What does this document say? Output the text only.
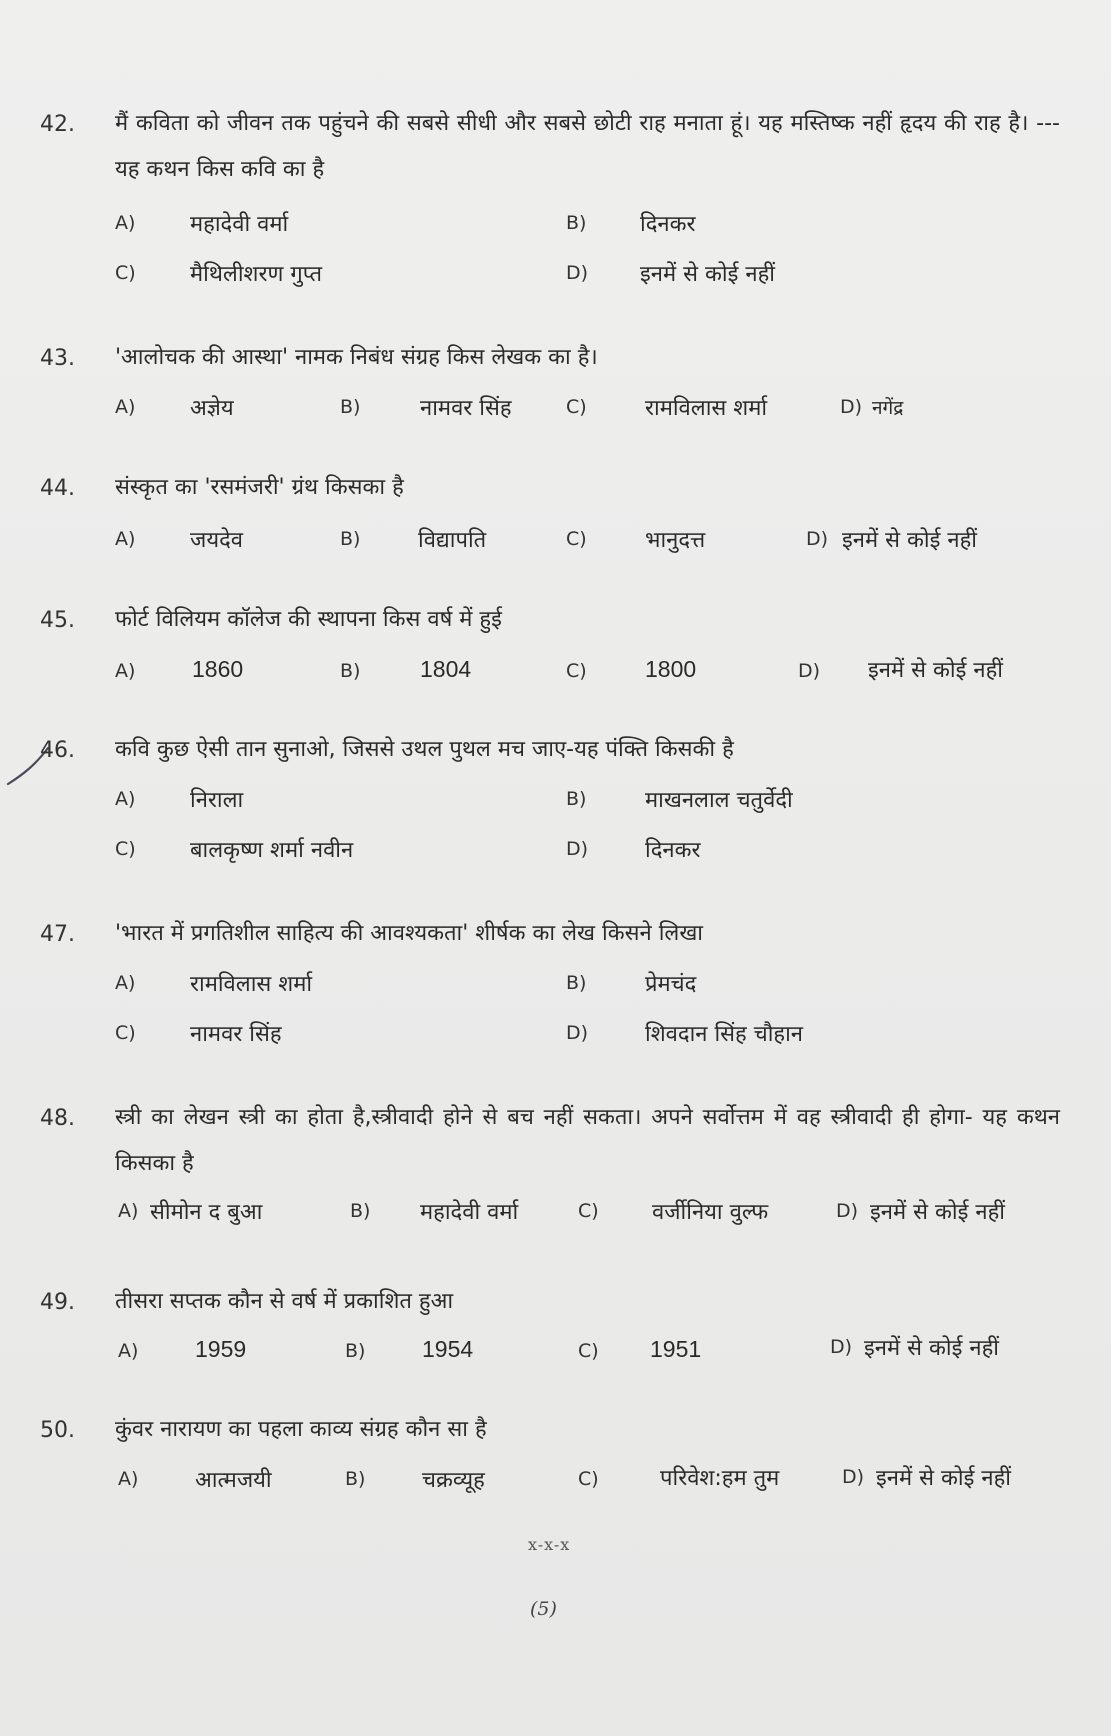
42. मैं कविता को जीवन तक पहुंचने की सबसे सीधी और सबसे छोटी राह मनाता हूं। यह मस्तिष्क नहीं हृदय की राह है। ---यह कथन किस कवि का है
A) महादेवी वर्मा	B) दिनकर
C) मैथिलीशरण गुप्त	D) इनमें से कोई नहीं
43. 'आलोचक की आस्था' नामक निबंध संग्रह किस लेखक का है।
A) अज्ञेय	B)	नामवर सिंह	C)	रामविलास शर्मा	D) नगेंद्र
44. संस्कृत का 'रसमंजरी' ग्रंथ किसका है
A) जयदेव	B)	विद्यापति	C)	भानुदत्त	D) इनमें से कोई नहीं
45. फोर्ट विलियम कॉलेज की स्थापना किस वर्ष में हुई
A) 1860	B)	1804	C)	1800	D) इनमें से कोई नहीं
46. कवि कुछ ऐसी तान सुनाओ, जिससे उथल पुथल मच जाए-यह पंक्ति किसकी है
A) निराला	B)	माखनलाल चतुर्वेदी
C) बालकृष्ण शर्मा नवीन	D)	दिनकर
47. 'भारत में प्रगतिशील साहित्य की आवश्यकता' शीर्षक का लेख किसने लिखा
A) रामविलास शर्मा	B)	प्रेमचंद
C) नामवर सिंह	D)	शिवदान सिंह चौहान
48. स्त्री का लेखन स्त्री का होता है,स्त्रीवादी होने से बच नहीं सकता। अपने सर्वोत्तम में वह स्त्रीवादी ही होगा- यह कथन किसका है
A) सीमोन द बुआ	B) महादेवी वर्मा	C) वर्जीनिया वुल्फ	D) इनमें से कोई नहीं
49. तीसरा सप्तक कौन से वर्ष में प्रकाशित हुआ
A) 1959	B) 1954	C) 1951	D) इनमें से कोई नहीं
50. कुंवर नारायण का पहला काव्य संग्रह कौन सा है
A)	आत्मजयी	B)	चक्रव्यूह	C)	परिवेश:हम तुम	D) इनमें से कोई नहीं
x-x-x
(5)
